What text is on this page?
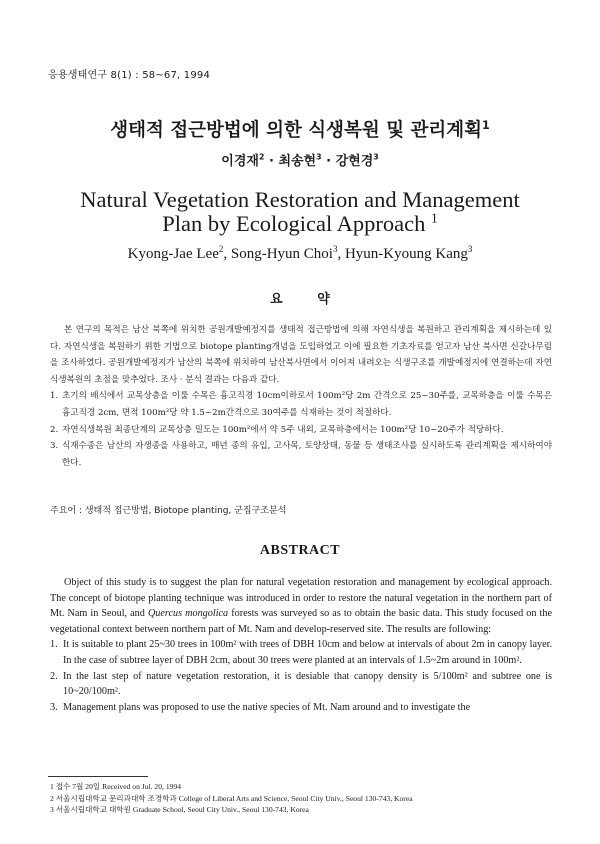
응용생태연구 8(1) : 58~67, 1994
생태적 접근방법에 의한 식생복원 및 관리계획$^1$
이경재$^2$ · 최송현$^3$ · 강현경$^3$
Natural Vegetation Restoration and Management
Plan by Ecological Approach $^1$
Kyong-Jae Lee$^2$, Song-Hyun Choi$^3$, Hyun-Kyoung Kang$^3$
요 약

본 연구의 목적은 남산 북쪽에 위치한 공원개발예정지를 생태적 접근방법에 의해 자연식생을 복원하고 관리계획을 제시하는데 있다. 자연식생을 복원하기 위한 기법으로 biotope planting개념을 도입하였고 이에 필요한 기초자료를 얻고자 남산 북사면 신갈나무림을 조사하였다. 공원개발예정지가 남산의 북쪽에 위치하여 남산북사면에서 이어져 내려오는 식생구조를 개발예정지에 연결하는데 자연식생복원의 초점을 맞추었다. 조사 · 분석 결과는 다음과 같다.

1. 초기의 배식에서 교목상층을 이룰 수목은 흉고직경 10cm이하로서 100m²당 2m 간격으로 25~30주를, 교목하층을 이룰 수목은 흉고직경 2cm, 면적 100m²당 약 1.5~2m간격으로 30여주를 식재하는 것이 적절하다.
2. 자연식생복원 최종단계의 교목상층 밀도는 100m²에서 약 5주 내외, 교목하층에서는 100m²당 10~20주가 적당하다.
3. 식재수종은 남산의 자생종을 사용하고, 매년 종의 유입, 고사목, 토양상태, 동물 등 생태조사를 실시하도록 관리계획을 제시하여야 한다.
주요어 : 생태적 접근방법, Biotope planting, 군집구조분석
ABSTRACT

Object of this study is to suggest the plan for natural vegetation restoration and management by ecological approach. The concept of biotope planting technique was introduced in order to restore the natural vegetation in the northern part of Mt. Nam in Seoul, and Quercus mongolica forests was surveyed so as to obtain the basic data. This study focused on the vegetational context between northern part of Mt. Nam and develop-reserved site. The results are following:

1. It is suitable to plant 25~30 trees in 100m² with trees of DBH 10cm and below at intervals of about 2m in canopy layer. In the case of subtree layer of DBH 2cm, about 30 trees were planted at an intervals of 1.5~2m around in 100m².
2. In the last step of nature vegetation restoration, it is desiable that canopy density is 5/100m² and subtree one is 10~20/100m².
3. Management plans was proposed to use the native species of Mt. Nam around and to investigate the
1 접수 7월 20일 Received on Jul. 20, 1994
2 서울시립대학교 문리과대학 조경학과 College of Liberal Arts and Science, Seoul City Univ., Seoul 130-743, Korea
3 서울시립대학교 대학원 Graduate School, Seoul City Univ., Seoul 130-743, Korea
